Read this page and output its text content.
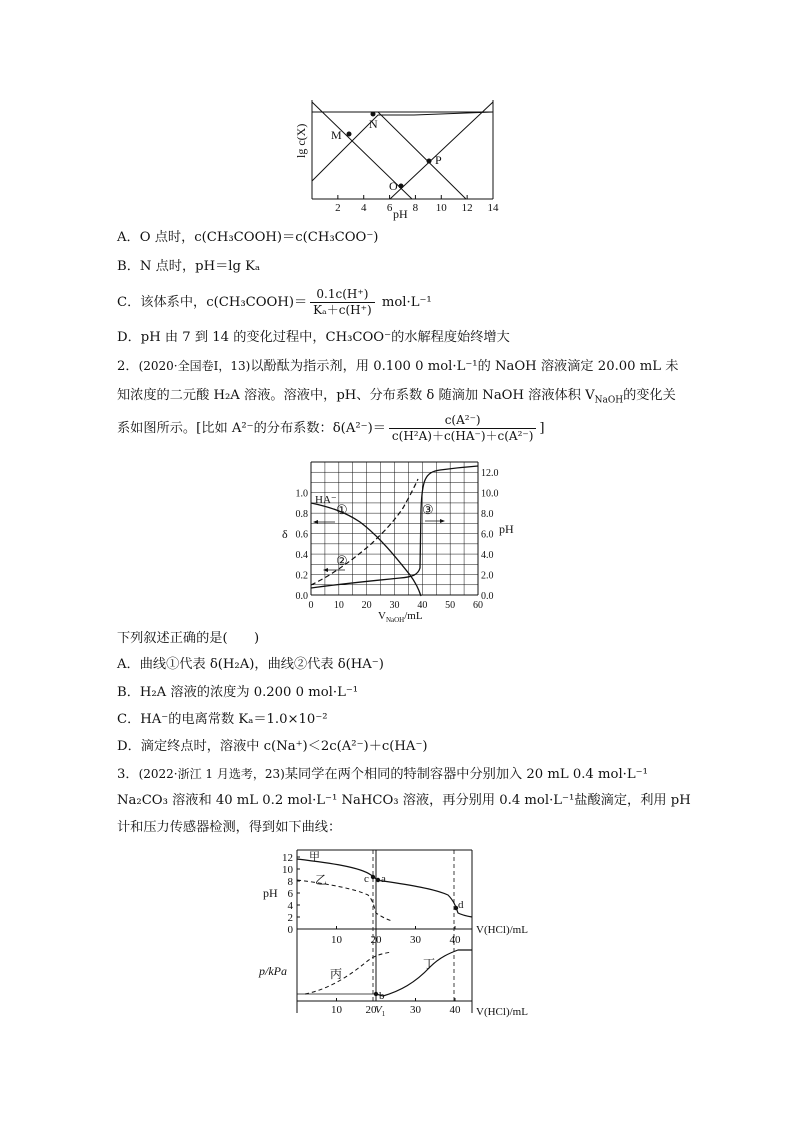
2 4 6 8 10 12 14
M
N
O
P
lg c(X)
pH
A．O 点时，c(CH₃COOH)＝c(CH₃COO⁻)
B．N 点时，pH＝lg Kₐ
C．该体系中，c(CH₃COOH)＝ $\frac{0.1c(H^+)}{\text{Kₐ＋c(H⁺)}} mol\cdot L^{-1}$
D．pH 由 7 到 14 的变化过程中，CH₃COO⁻的水解程度始终增大
2．(2020·全国卷Ⅰ，13)以酚酞为指示剂，用 0.100 0 mol·L⁻¹的 NaOH 溶液滴定 20.00 mL 未
知浓度的二元酸 H₂A 溶液。溶液中，pH、分布系数 δ 随滴加 NaOH 溶液体积 $V_{NaOH}$的变化关
系如图所示。[比如 A²⁻的分布系数：$\delta(A^{2-})= \frac{\text{c(A²⁻)}}{\text{c(H²A)＋c(HA⁻)＋c(A²⁻)}}$ ]
0.0
0.2
0.4
0.6
0.8
1.0
0.0
2.0
4.0
6.0
8.0
10.0
12.0
0 10 20 30 40 50 60
HA⁻
①
②
③
δ	pH
$V_{NaOH}/mL$
下列叙述正确的是(　　)
A．曲线①代表 δ(H₂A)，曲线②代表 δ(HA⁻)
B．H₂A 溶液的浓度为 0.200 0 mol·L⁻¹
C．HA⁻的电离常数 Kₐ＝1.0×10⁻²
D．滴定终点时，溶液中 c(Na⁺)＜2c(A²⁻)＋c(HA⁻)
3．(2022·浙江 1 月选考，23)某同学在两个相同的特制容器中分别加入 20 mL 0.4 mol·L⁻¹
Na₂CO₃ 溶液和 40 mL 0.2 mol·L⁻¹ NaHCO₃ 溶液，再分别用 0.4 mol·L⁻¹盐酸滴定，利用 pH
计和压力传感器检测，得到如下曲线：
12
10
8
6
4
2
0
10	20	30	40
10 20	30	40
甲
乙
丙
丁
a
c
d
b
pH
p/kPa
V(HCl)/mL
V(HCl)/mL
$V_1$
